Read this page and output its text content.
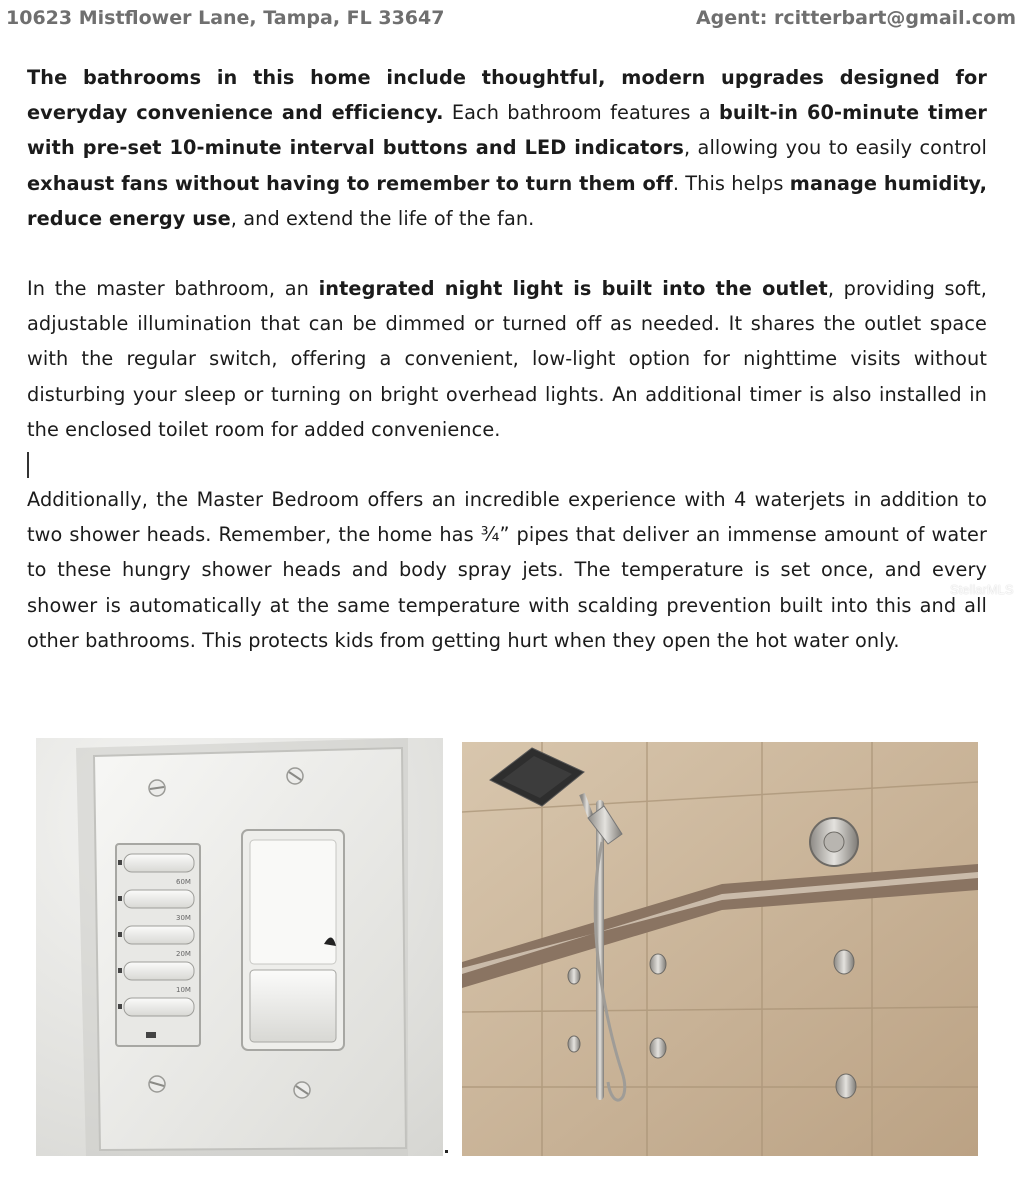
10623 Mistflower Lane, Tampa, FL 33647	Agent: rcitterbart@gmail.com

The bathrooms in this home include thoughtful, modern upgrades designed for everyday convenience and efficiency. Each bathroom features a built-in 60-minute timer with pre-set 10-minute interval buttons and LED indicators, allowing you to easily control exhaust fans without having to remember to turn them off. This helps manage humidity, reduce energy use, and extend the life of the fan.

In the master bathroom, an integrated night light is built into the outlet, providing soft, adjustable illumination that can be dimmed or turned off as needed. It shares the outlet space with the regular switch, offering a convenient, low-light option for nighttime visits without disturbing your sleep or turning on bright overhead lights. An additional timer is also installed in the enclosed toilet room for added convenience.

Additionally, the Master Bedroom offers an incredible experience with 4 waterjets in addition to two shower heads. Remember, the home has ¾” pipes that deliver an immense amount of water to these hungry shower heads and body spray jets. The temperature is set once, and every shower is automatically at the same temperature with scalding prevention built into this and all other bathrooms. This protects kids from getting hurt when they open the hot water only.

StellarMLS
60M
30M
20M
10M
